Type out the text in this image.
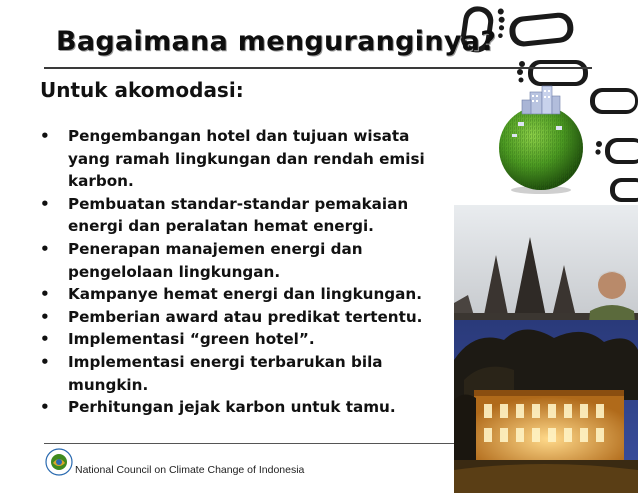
Bagaimana menguranginya?
Untuk akomodasi:
• Pengembangan hotel dan tujuan wisata
yang ramah lingkungan dan rendah emisi
karbon.
• Pembuatan standar-standar pemakaian
energi dan peralatan hemat energi.
• Penerapan manajemen energi dan
pengelolaan lingkungan.
• Kampanye hemat energi dan lingkungan.
• Pemberian award atau predikat tertentu.
• Implementasi “green hotel”.
• Implementasi energi terbarukan bila
mungkin.
• Perhitungan jejak karbon untuk tamu.
National Council on Climate Change of Indonesia
